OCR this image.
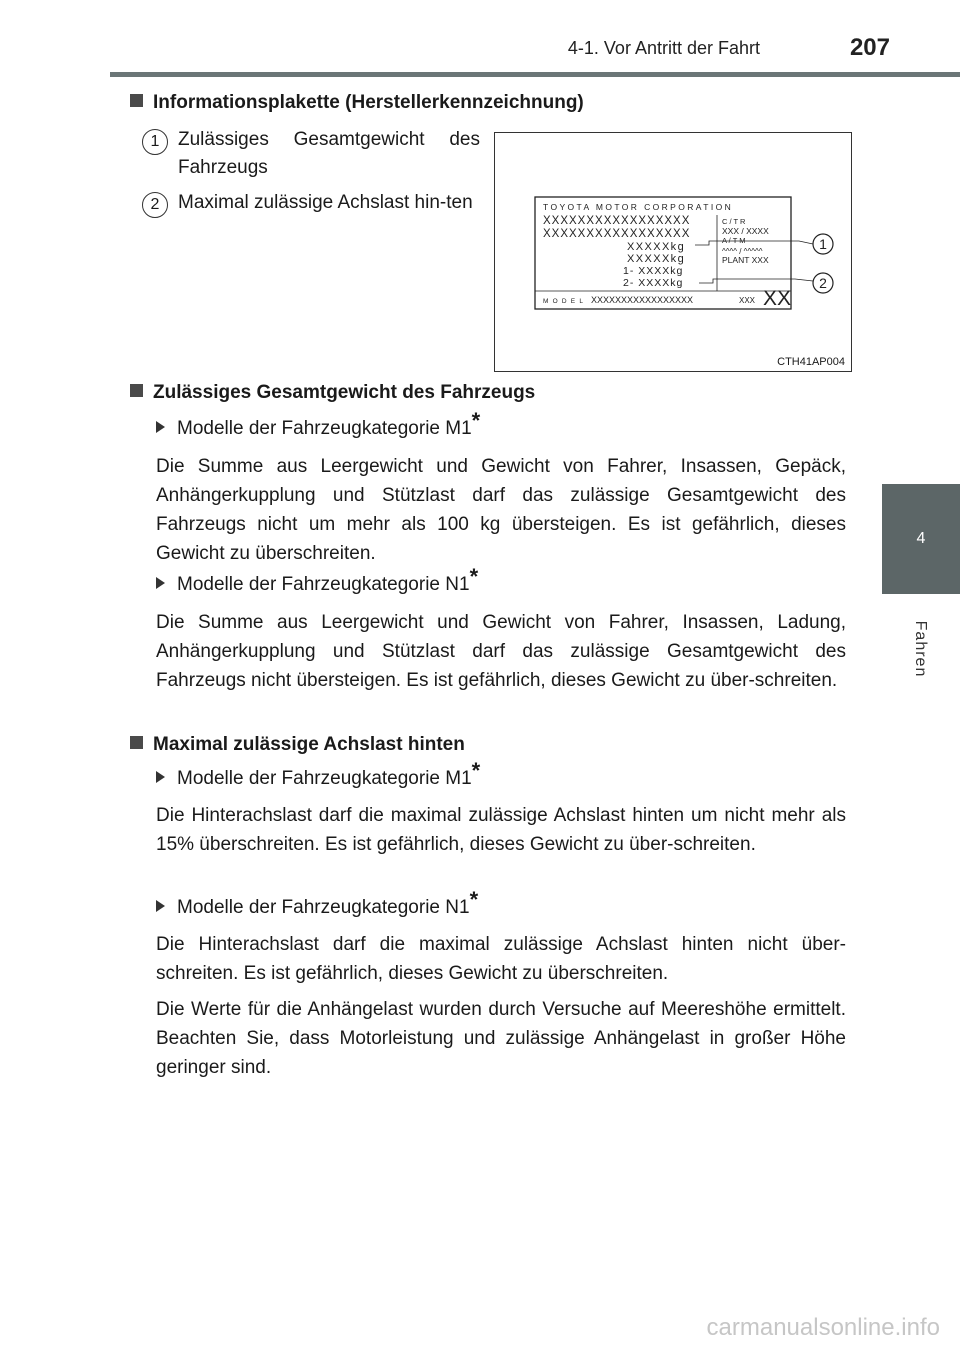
4-1. Vor Antritt der Fahrt	207
4
Fahren
Informationsplakette (Herstellerkennzeichnung)
1 Zulässiges Gesamtgewicht des Fahrzeugs
2 Maximal zulässige Achslast hin-ten	TOYOTA MOTOR CORPORATION
XXXXXXXXXXXXXXXXX
XXXXXXXXXXXXXXXXX
XXXXXkg
XXXXXkg
1- XXXXkg
2- XXXXkg
C / T R
XXX / XXXX
A / T M
^^^^ / ^^^^^
PLANT XXX
M O D E L XXXXXXXXXXXXXXXXX	XXX XX
1
2
CTH41AP004
Zulässiges Gesamtgewicht des Fahrzeugs
Modelle der Fahrzeugkategorie M1*
Die Summe aus Leergewicht und Gewicht von Fahrer, Insassen, Gepäck, Anhängerkupplung und Stützlast darf das zulässige Gesamtgewicht des Fahrzeugs nicht um mehr als 100 kg übersteigen. Es ist gefährlich, dieses Gewicht zu überschreiten.
Modelle der Fahrzeugkategorie N1*
Die Summe aus Leergewicht und Gewicht von Fahrer, Insassen, Ladung, Anhängerkupplung und Stützlast darf das zulässige Gesamtgewicht des Fahrzeugs nicht übersteigen. Es ist gefährlich, dieses Gewicht zu über-schreiten.
Maximal zulässige Achslast hinten
Modelle der Fahrzeugkategorie M1*
Die Hinterachslast darf die maximal zulässige Achslast hinten um nicht mehr als 15% überschreiten. Es ist gefährlich, dieses Gewicht zu über-schreiten.
Modelle der Fahrzeugkategorie N1*
Die Hinterachslast darf die maximal zulässige Achslast hinten nicht über-schreiten. Es ist gefährlich, dieses Gewicht zu überschreiten.
Die Werte für die Anhängelast wurden durch Versuche auf Meereshöhe ermittelt. Beachten Sie, dass Motorleistung und zulässige Anhängelast in großer Höhe geringer sind.
carmanualsonline.info
